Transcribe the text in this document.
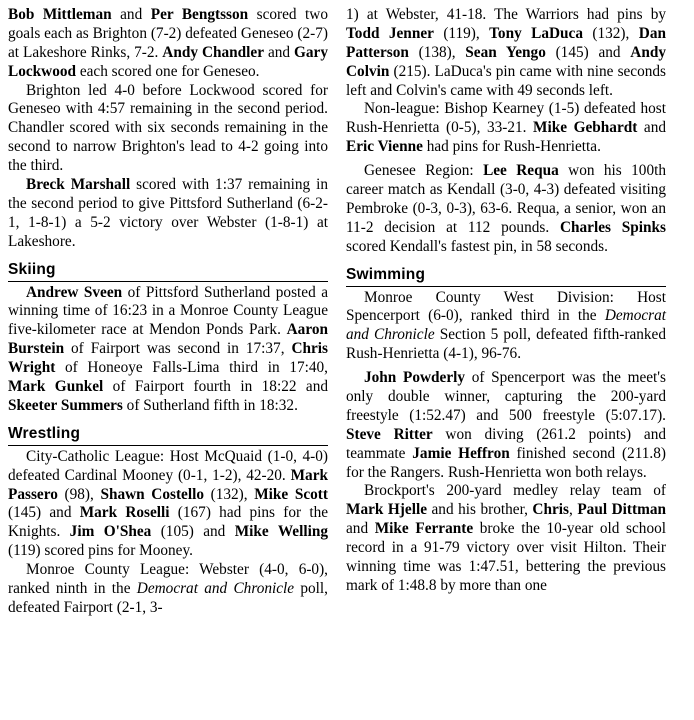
Bob Mittleman and Per Bengtsson scored two goals each as Brighton (7-2) defeated Geneseo (2-7) at Lakeshore Rinks, 7-2. Andy Chandler and Gary Lockwood each scored one for Geneseo.

Brighton led 4-0 before Lockwood scored for Geneseo with 4:57 remaining in the second period. Chandler scored with six seconds remaining in the second to narrow Brighton's lead to 4-2 going into the third.

Breck Marshall scored with 1:37 remaining in the second period to give Pittsford Sutherland (6-2-1, 1-8-1) a 5-2 victory over Webster (1-8-1) at Lakeshore.

Skiing

Andrew Sveen of Pittsford Sutherland posted a winning time of 16:23 in a Monroe County League five-kilometer race at Mendon Ponds Park. Aaron Burstein of Fairport was second in 17:37, Chris Wright of Honeoye Falls-Lima third in 17:40, Mark Gunkel of Fairport fourth in 18:22 and Skeeter Summers of Sutherland fifth in 18:32.

Wrestling

City-Catholic League: Host McQuaid (1-0, 4-0) defeated Cardinal Mooney (0-1, 1-2), 42-20. Mark Passero (98), Shawn Costello (132), Mike Scott (145) and Mark Roselli (167) had pins for the Knights. Jim O'Shea (105) and Mike Welling (119) scored pins for Mooney.

Monroe County League: Webster (4-0, 6-0), ranked ninth in the Democrat and Chronicle poll, defeated Fairport (2-1, 3-

1) at Webster, 41-18. The Warriors had pins by Todd Jenner (119), Tony LaDuca (132), Dan Patterson (138), Sean Yengo (145) and Andy Colvin (215). LaDuca's pin came with nine seconds left and Colvin's came with 49 seconds left.

Non-league: Bishop Kearney (1-5) defeated host Rush-Henrietta (0-5), 33-21. Mike Gebhardt and Eric Vienne had pins for Rush-Henrietta.

Genesee Region: Lee Requa won his 100th career match as Kendall (3-0, 4-3) defeated visiting Pembroke (0-3, 0-3), 63-6. Requa, a senior, won an 11-2 decision at 112 pounds. Charles Spinks scored Kendall's fastest pin, in 58 seconds.

Swimming

Monroe County West Division: Host Spencerport (6-0), ranked third in the Democrat and Chronicle Section 5 poll, defeated fifth-ranked Rush-Henrietta (4-1), 96-76.

John Powderly of Spencerport was the meet's only double winner, capturing the 200-yard freestyle (1:52.47) and 500 freestyle (5:07.17). Steve Ritter won diving (261.2 points) and teammate Jamie Heffron finished second (211.8) for the Rangers. Rush-Henrietta won both relays.

Brockport's 200-yard medley relay team of Mark Hjelle and his brother, Chris, Paul Dittman and Mike Ferrante broke the 10-year old school record in a 91-79 victory over visit Hilton. Their winning time was 1:47.51, bettering the previous mark of 1:48.8 by more than one
